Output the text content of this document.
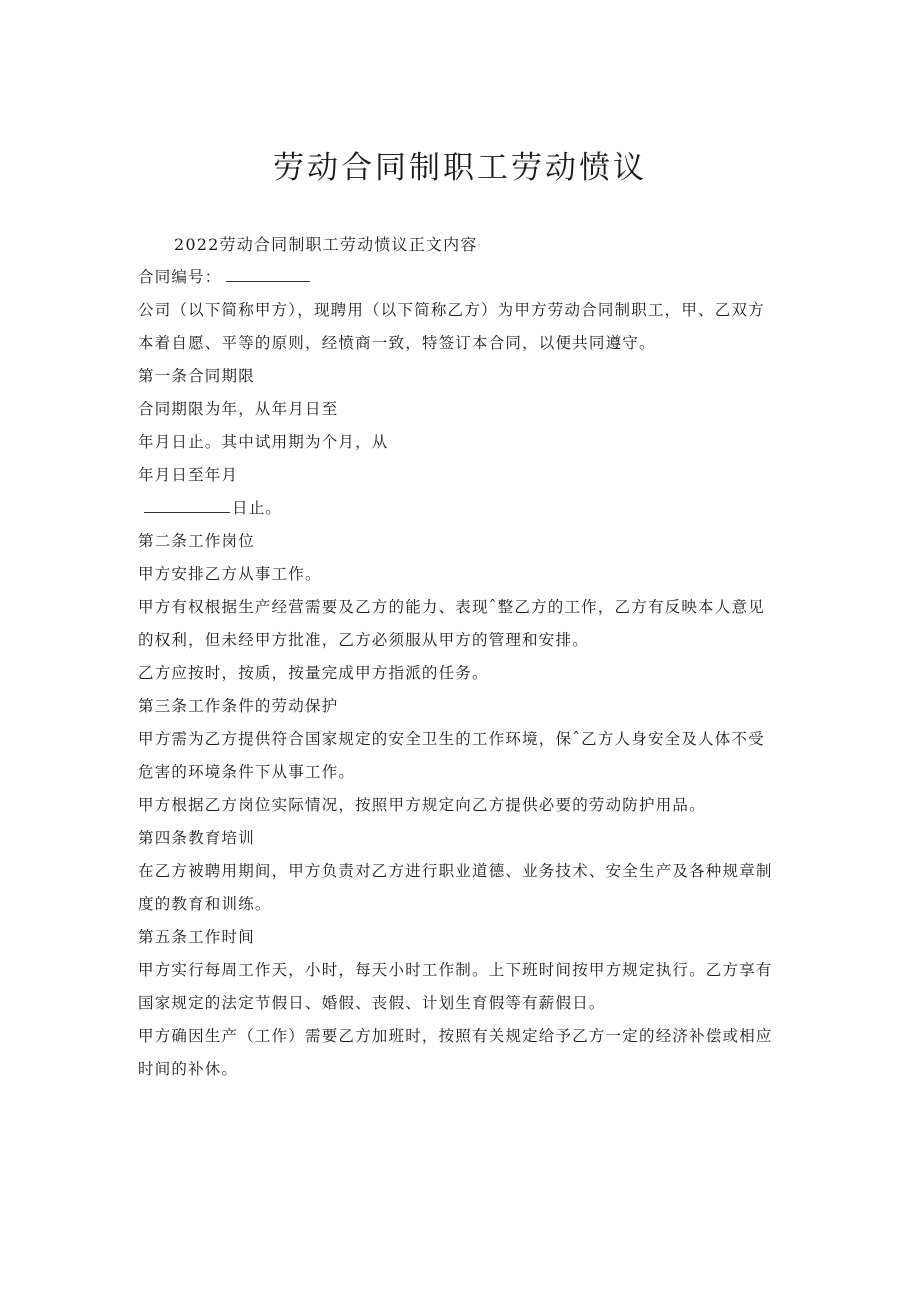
劳动合同制职工劳动愤议
2022劳动合同制职工劳动愤议正文内容
合同编号：
公司（以下简称甲方），现聘用（以下简称乙方）为甲方劳动合同制职工，甲、乙双方
本着自愿、平等的原则，经愤商一致，特签订本合同，以便共同遵守。
第一条合同期限
合同期限为年，从年月日至
年月日止。其中试用期为个月，从
年月日至年月
日止。
第二条工作岗位
甲方安排乙方从事工作。
甲方有权根据生产经营需要及乙方的能力、表现ˆ整乙方的工作，乙方有反映本人意见
的权利，但未经甲方批准，乙方必须服从甲方的管理和安排。
乙方应按时，按质，按量完成甲方指派的任务。
第三条工作条件的劳动保护
甲方需为乙方提供符合国家规定的安全卫生的工作环境，保ˆ乙方人身安全及人体不受
危害的环境条件下从事工作。
甲方根据乙方岗位实际情况，按照甲方规定向乙方提供必要的劳动防护用品。
第四条教育培训
在乙方被聘用期间，甲方负责对乙方进行职业道德、业务技术、安全生产及各种规章制
度的教育和训练。
第五条工作时间
甲方实行每周工作天，小时，每天小时工作制。上下班时间按甲方规定执行。乙方享有
国家规定的法定节假日、婚假、丧假、计划生育假等有薪假日。
甲方确因生产（工作）需要乙方加班时，按照有关规定给予乙方一定的经济补偿或相应
时间的补休。
